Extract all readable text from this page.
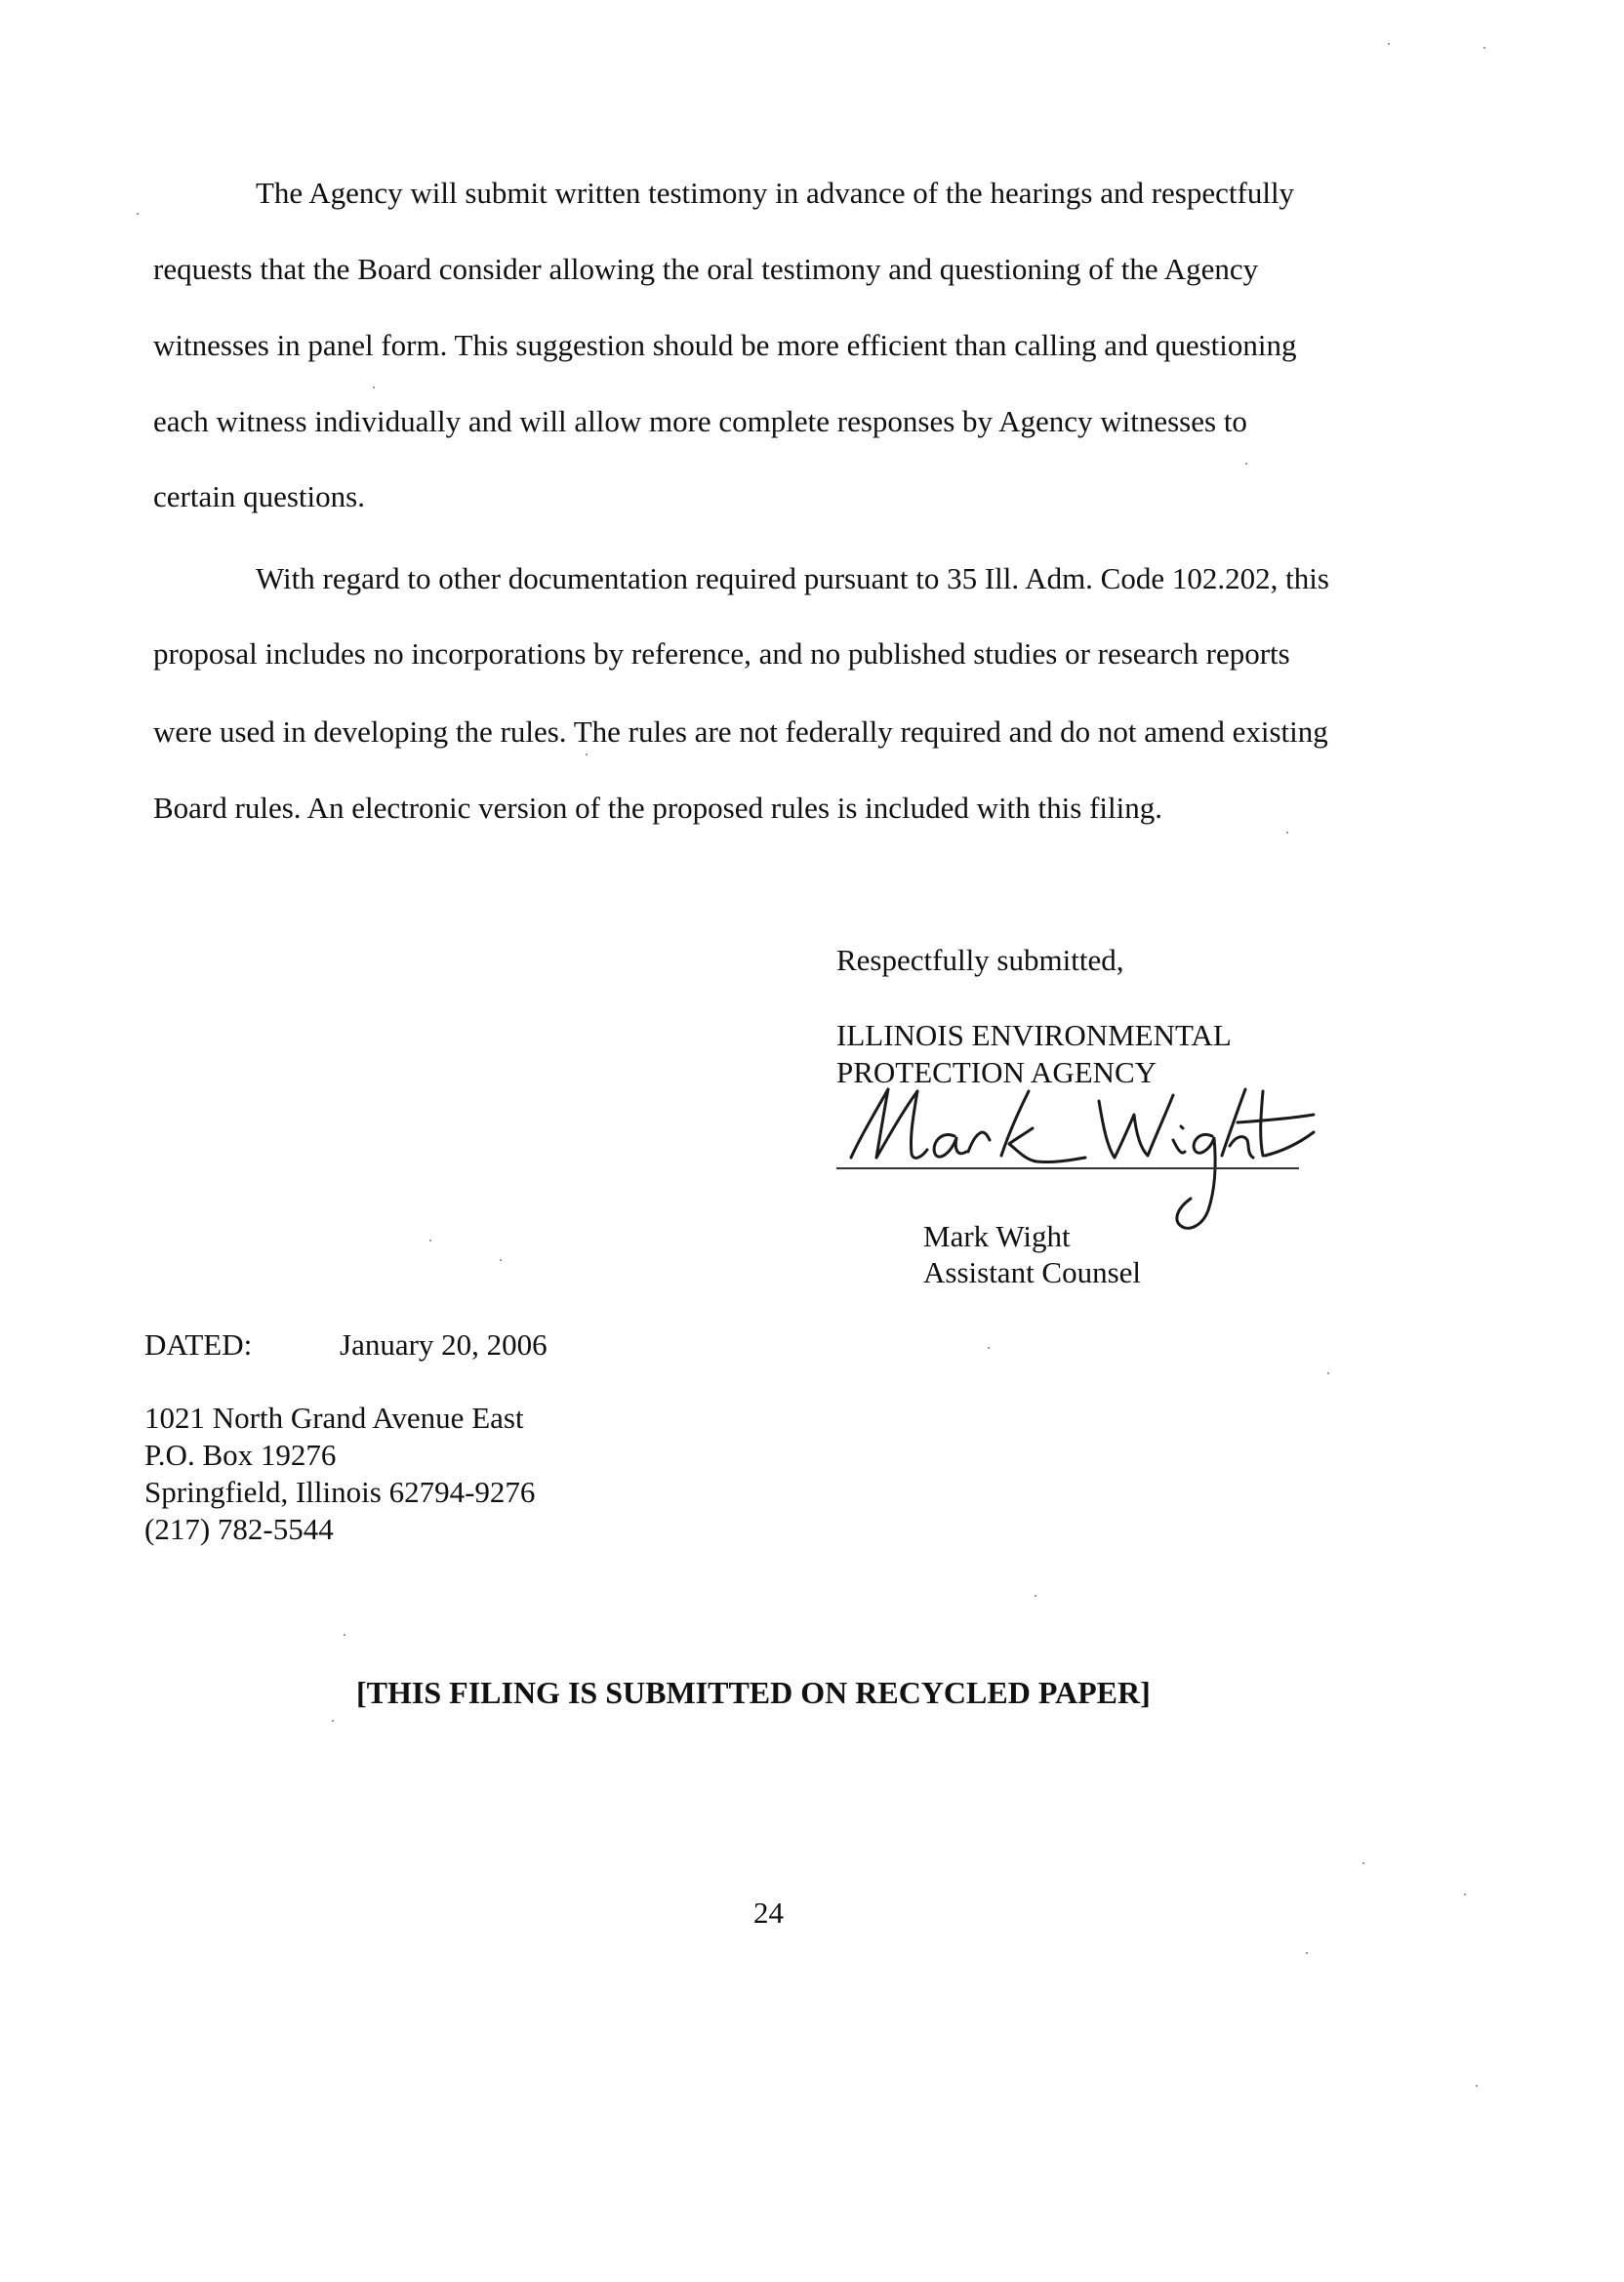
The Agency will submit written testimony in advance of the hearings and respectfully
requests that the Board consider allowing the oral testimony and questioning of the Agency
witnesses in panel form. This suggestion should be more efficient than calling and questioning
each witness individually and will allow more complete responses by Agency witnesses to
certain questions.
With regard to other documentation required pursuant to 35 Ill. Adm. Code 102.202, this
proposal includes no incorporations by reference, and no published studies or research reports
were used in developing the rules. The rules are not federally required and do not amend existing
Board rules. An electronic version of the proposed rules is included with this filing.
Respectfully submitted,
ILLINOIS ENVIRONMENTAL
PROTECTION AGENCY
Mark Wight
Assistant Counsel
DATED:	January 20, 2006
1021 North Grand Avenue East
P.O. Box 19276
Springfield, Illinois 62794-9276
(217) 782-5544
[THIS FILING IS SUBMITTED ON RECYCLED PAPER]
24
